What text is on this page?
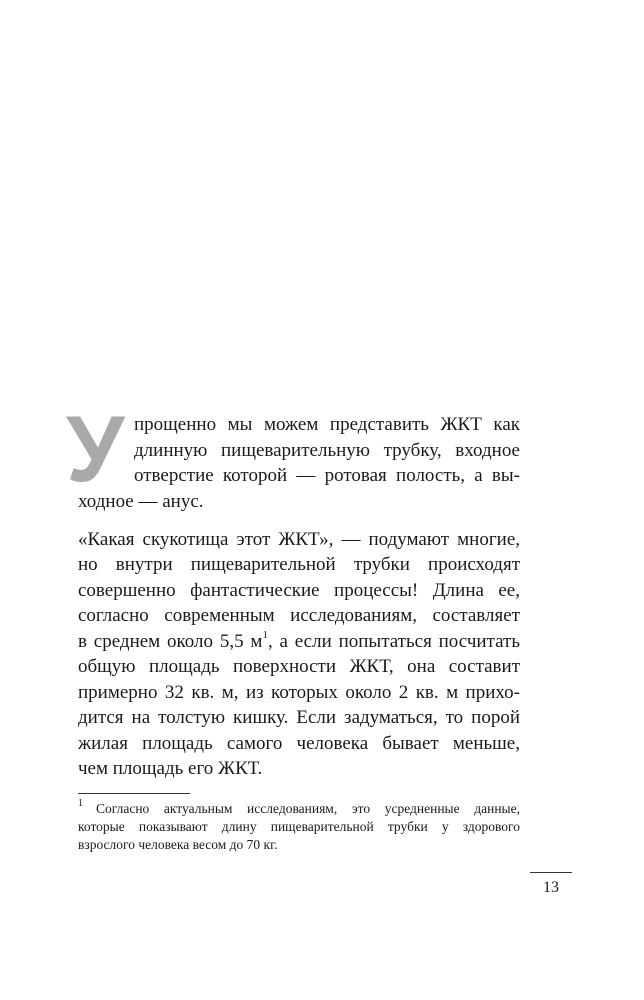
У прощенно мы можем представить ЖКТ как
длинную пищеварительную трубку, входное
отверстие которой — ротовая полость, а вы-
ходное — анус.
«Какая скукотища этот ЖКТ», — подумают многие,
но внутри пищеварительной трубки происходят
совершенно фантастические процессы! Длина ее,
согласно современным исследованиям, составляет
в среднем около 5,5 $м^1$, а если попытаться посчитать
общую площадь поверхности ЖКТ, она составит
примерно 32 кв. м, из которых около 2 кв. м прихо-
дится на толстую кишку. Если задуматься, то порой
жилая площадь самого человека бывает меньше,
чем площадь его ЖКТ.
1 Согласно актуальным исследованиям, это усредненные данные,
которые показывают длину пищеварительной трубки у здорового
взрослого человека весом до 70 кг.
13
